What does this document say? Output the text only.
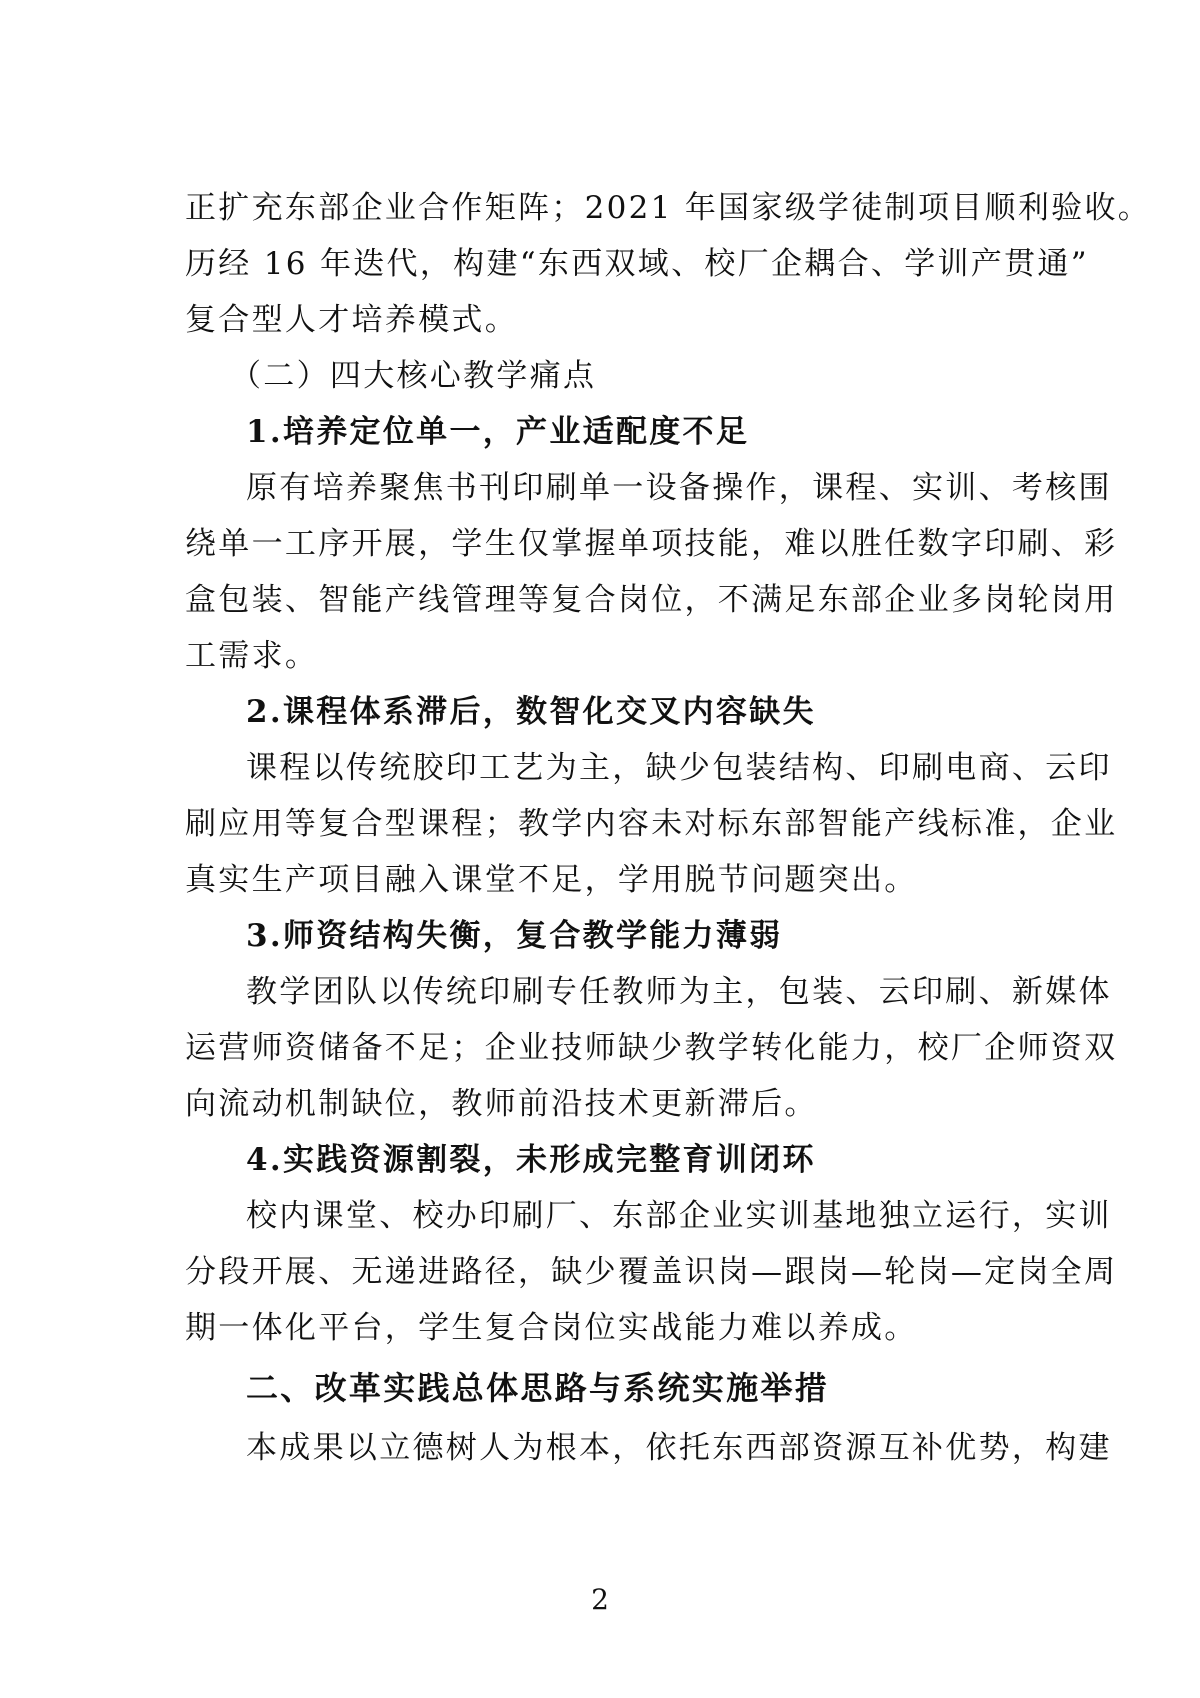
正扩充东部企业合作矩阵；2021 年国家级学徒制项目顺利验收。
历经 16 年迭代，构建“东西双域、校厂企耦合、学训产贯通”
复合型人才培养模式。
（二）四大核心教学痛点
1.培养定位单一，产业适配度不足
原有培养聚焦书刊印刷单一设备操作，课程、实训、考核围
绕单一工序开展，学生仅掌握单项技能，难以胜任数字印刷、彩
盒包装、智能产线管理等复合岗位，不满足东部企业多岗轮岗用
工需求。
2.课程体系滞后，数智化交叉内容缺失
课程以传统胶印工艺为主，缺少包装结构、印刷电商、云印
刷应用等复合型课程；教学内容未对标东部智能产线标准，企业
真实生产项目融入课堂不足，学用脱节问题突出。
3.师资结构失衡，复合教学能力薄弱
教学团队以传统印刷专任教师为主，包装、云印刷、新媒体
运营师资储备不足；企业技师缺少教学转化能力，校厂企师资双
向流动机制缺位，教师前沿技术更新滞后。
4.实践资源割裂，未形成完整育训闭环
校内课堂、校办印刷厂、东部企业实训基地独立运行，实训
分段开展、无递进路径，缺少覆盖识岗—跟岗—轮岗—定岗全周
期一体化平台，学生复合岗位实战能力难以养成。
二、改革实践总体思路与系统实施举措
本成果以立德树人为根本，依托东西部资源互补优势，构建
2
